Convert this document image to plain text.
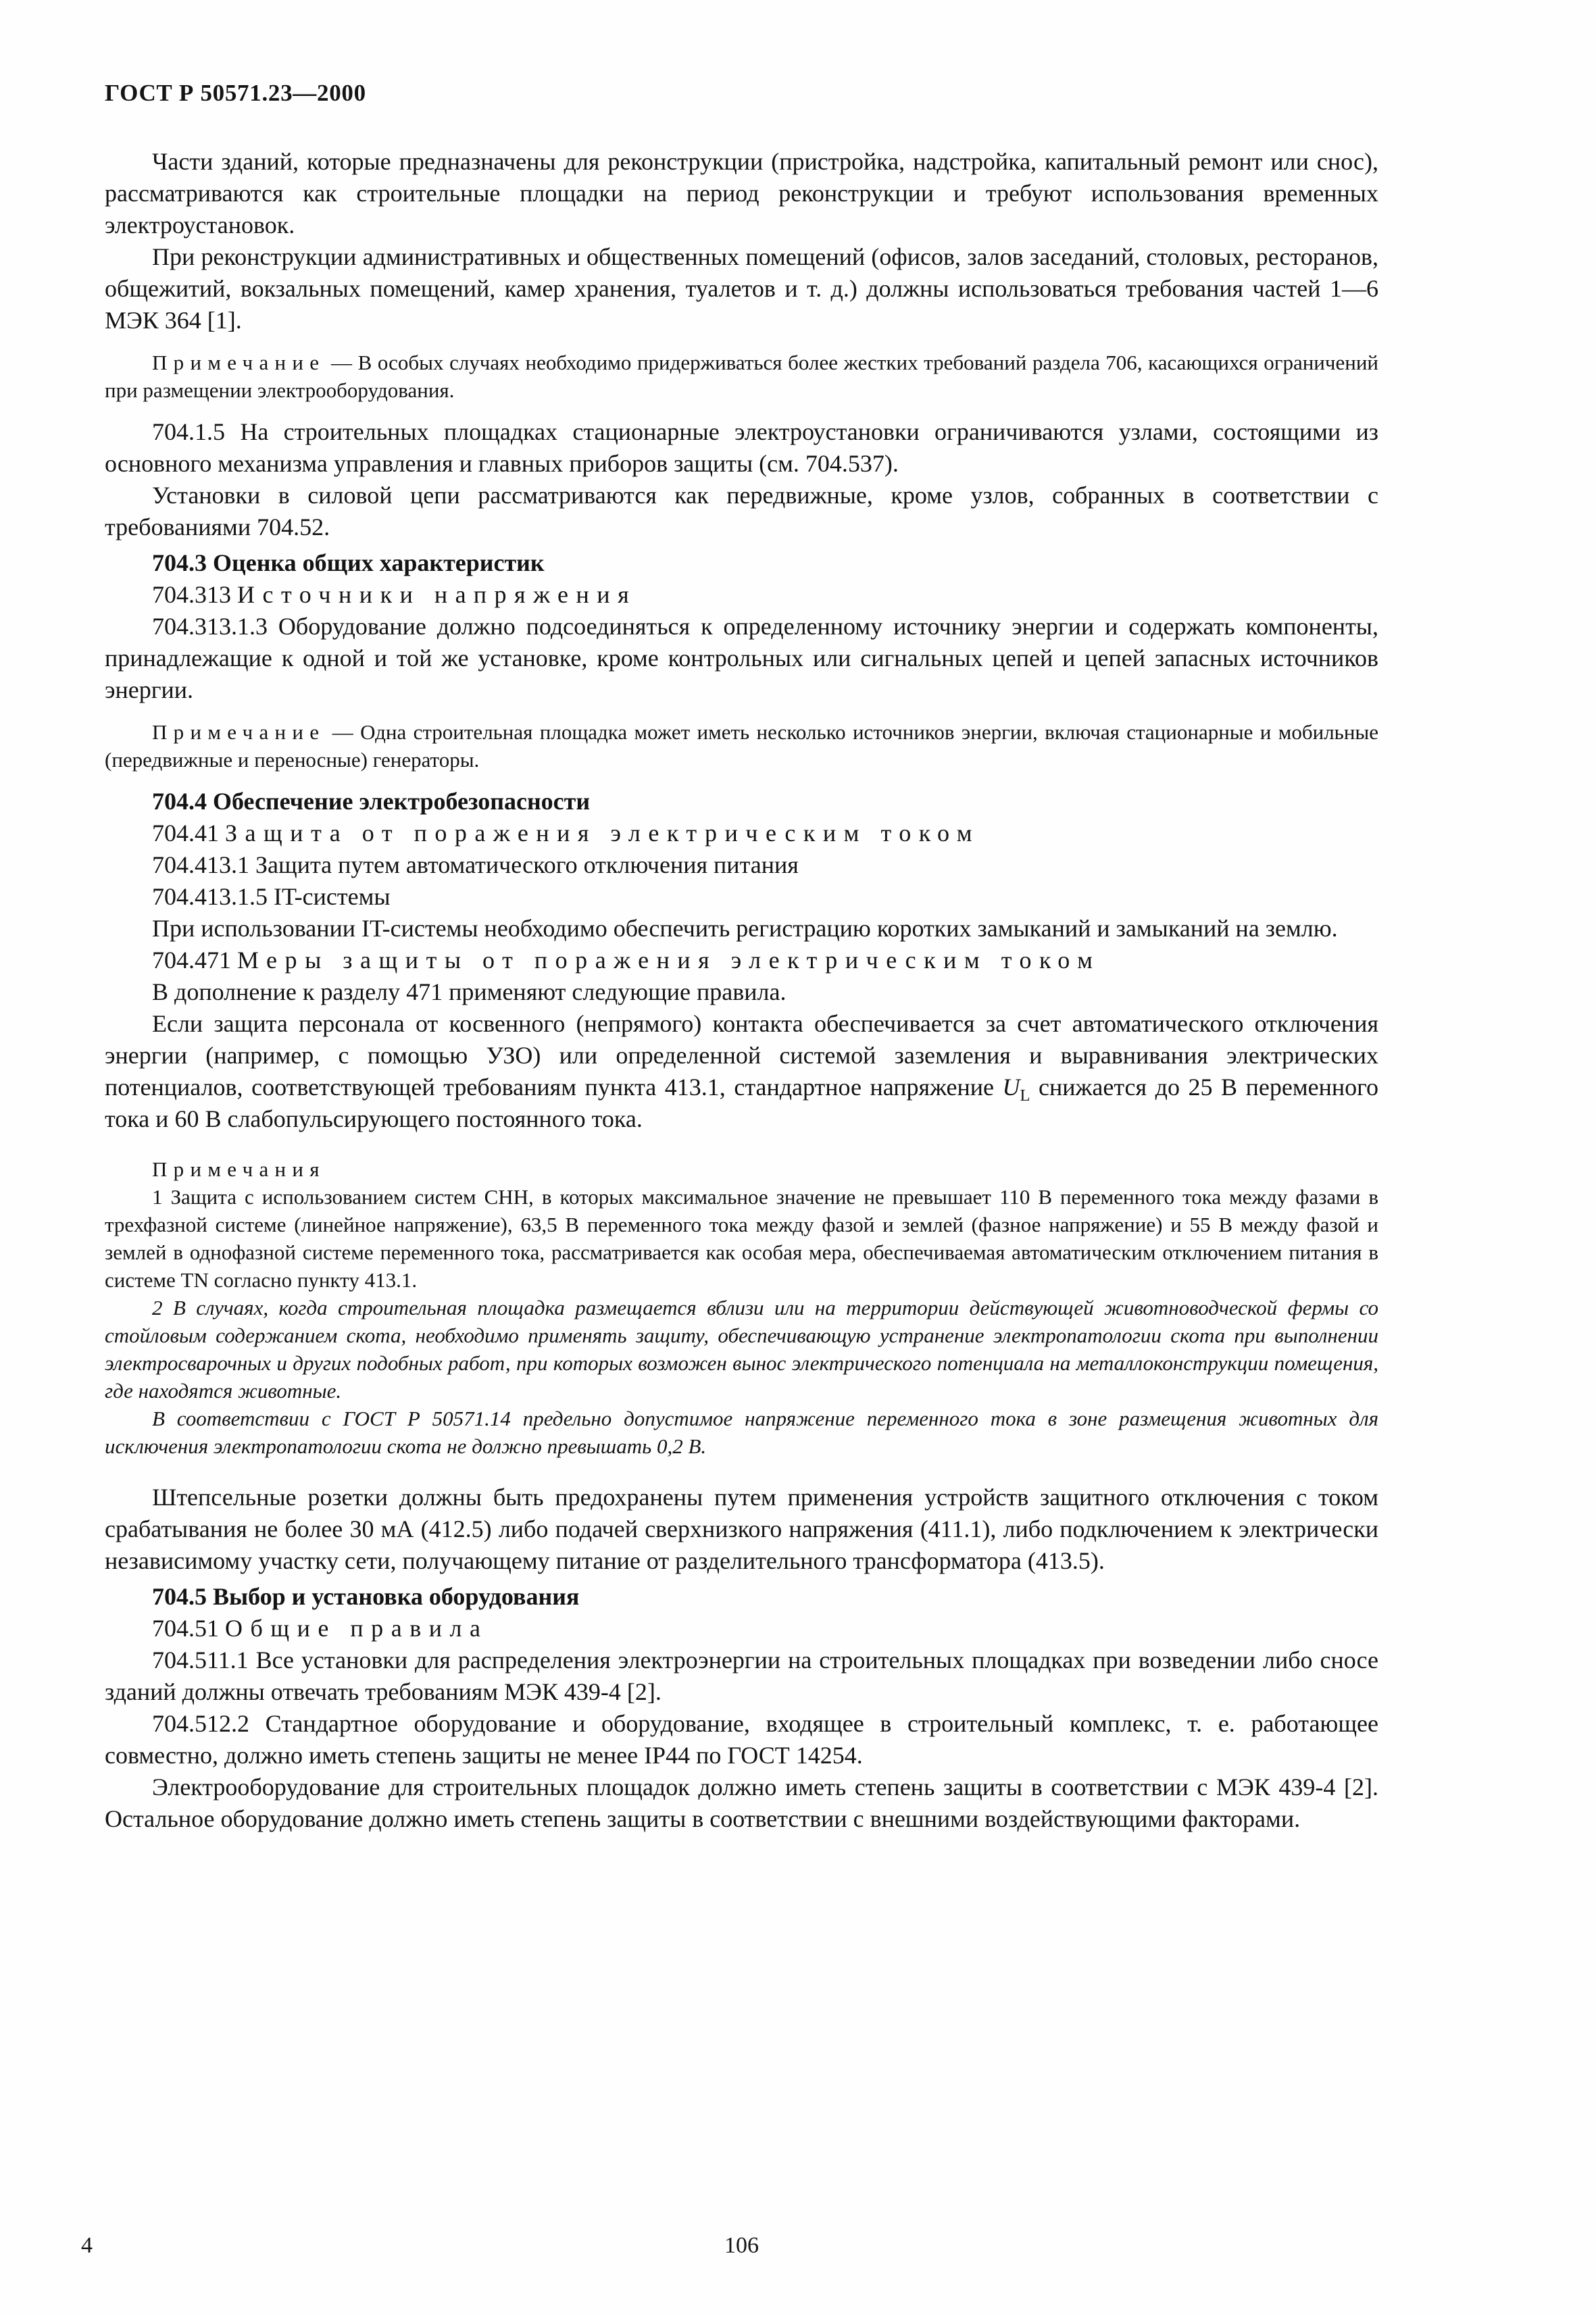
ГОСТ Р 50571.23—2000

Части зданий, которые предназначены для реконструкции (пристройка, надстройка, капитальный ремонт или снос), рассматриваются как строительные площадки на период реконструкции и требуют использования временных электроустановок.

При реконструкции административных и общественных помещений (офисов, залов заседаний, столовых, ресторанов, общежитий, вокзальных помещений, камер хранения, туалетов и т. д.) должны использоваться требования частей 1—6 МЭК 364 [1].

Примечание — В особых случаях необходимо придерживаться более жестких требований раздела 706, касающихся ограничений при размещении электрооборудования.

704.1.5 На строительных площадках стационарные электроустановки ограничиваются узлами, состоящими из основного механизма управления и главных приборов защиты (см. 704.537).

Установки в силовой цепи рассматриваются как передвижные, кроме узлов, собранных в соответствии с требованиями 704.52.

704.3 Оценка общих характеристик

704.313 Источники напряжения

704.313.1.3 Оборудование должно подсоединяться к определенному источнику энергии и содержать компоненты, принадлежащие к одной и той же установке, кроме контрольных или сигнальных цепей и цепей запасных источников энергии.

Примечание — Одна строительная площадка может иметь несколько источников энергии, включая стационарные и мобильные (передвижные и переносные) генераторы.

704.4 Обеспечение электробезопасности

704.41 Защита от поражения электрическим током

704.413.1 Защита путем автоматического отключения питания

704.413.1.5 IT-системы

При использовании IT-системы необходимо обеспечить регистрацию коротких замыканий и замыканий на землю.

704.471 Меры защиты от поражения электрическим током

В дополнение к разделу 471 применяют следующие правила.

Если защита персонала от косвенного (непрямого) контакта обеспечивается за счет автоматического отключения энергии (например, с помощью УЗО) или определенной системой заземления и выравнивания электрических потенциалов, соответствующей требованиям пункта 413.1, стандартное напряжение $U_L$ снижается до 25 В переменного тока и 60 В слабопульсирующего постоянного тока.

Примечания

1 Защита с использованием систем СНН, в которых максимальное значение не превышает 110 В переменного тока между фазами в трехфазной системе (линейное напряжение), 63,5 В переменного тока между фазой и землей (фазное напряжение) и 55 В между фазой и землей в однофазной системе переменного тока, рассматривается как особая мера, обеспечиваемая автоматическим отключением питания в системе TN согласно пункту 413.1.

2 В случаях, когда строительная площадка размещается вблизи или на территории действующей животноводческой фермы со стойловым содержанием скота, необходимо применять защиту, обеспечивающую устранение электропатологии скота при выполнении электросварочных и других подобных работ, при которых возможен вынос электрического потенциала на металлоконструкции помещения, где находятся животные.

В соответствии с ГОСТ Р 50571.14 предельно допустимое напряжение переменного тока в зоне размещения животных для исключения электропатологии скота не должно превышать 0,2 В.

Штепсельные розетки должны быть предохранены путем применения устройств защитного отключения с током срабатывания не более 30 мА (412.5) либо подачей сверхнизкого напряжения (411.1), либо подключением к электрически независимому участку сети, получающему питание от разделительного трансформатора (413.5).

704.5 Выбор и установка оборудования

704.51 Общие правила

704.511.1 Все установки для распределения электроэнергии на строительных площадках при возведении либо сносе зданий должны отвечать требованиям МЭК 439-4 [2].

704.512.2 Стандартное оборудование и оборудование, входящее в строительный комплекс, т. е. работающее совместно, должно иметь степень защиты не менее IP44 по ГОСТ 14254.

Электрооборудование для строительных площадок должно иметь степень защиты в соответствии с МЭК 439-4 [2]. Остальное оборудование должно иметь степень защиты в соответствии с внешними воздействующими факторами.

4	106
